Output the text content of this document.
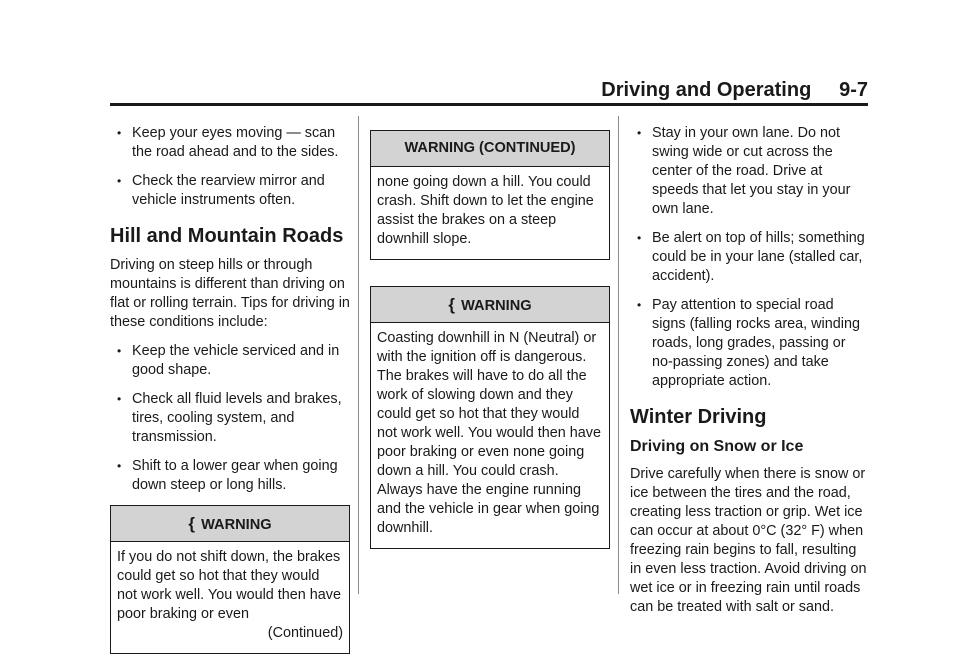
Driving and Operating     9-7
• Keep your eyes moving — scan the road ahead and to the sides.
• Check the rearview mirror and vehicle instruments often.
Hill and Mountain Roads
Driving on steep hills or through mountains is different than driving on flat or rolling terrain. Tips for driving in these conditions include:
• Keep the vehicle serviced and in good shape.
• Check all fluid levels and brakes, tires, cooling system, and transmission.
• Shift to a lower gear when going down steep or long hills.
{ WARNING
If you do not shift down, the brakes could get so hot that they would not work well. You would then have poor braking or even
(Continued)
WARNING (CONTINUED)
none going down a hill. You could crash. Shift down to let the engine assist the brakes on a steep downhill slope.
{ WARNING
Coasting downhill in N (Neutral) or with the ignition off is dangerous. The brakes will have to do all the work of slowing down and they could get so hot that they would not work well. You would then have poor braking or even none going down a hill. You could crash. Always have the engine running and the vehicle in gear when going downhill.
• Stay in your own lane. Do not swing wide or cut across the center of the road. Drive at speeds that let you stay in your own lane.
• Be alert on top of hills; something could be in your lane (stalled car, accident).
• Pay attention to special road signs (falling rocks area, winding roads, long grades, passing or no-passing zones) and take appropriate action.
Winter Driving
Driving on Snow or Ice
Drive carefully when there is snow or ice between the tires and the road, creating less traction or grip. Wet ice can occur at about 0°C (32° F) when freezing rain begins to fall, resulting in even less traction. Avoid driving on wet ice or in freezing rain until roads can be treated with salt or sand.
